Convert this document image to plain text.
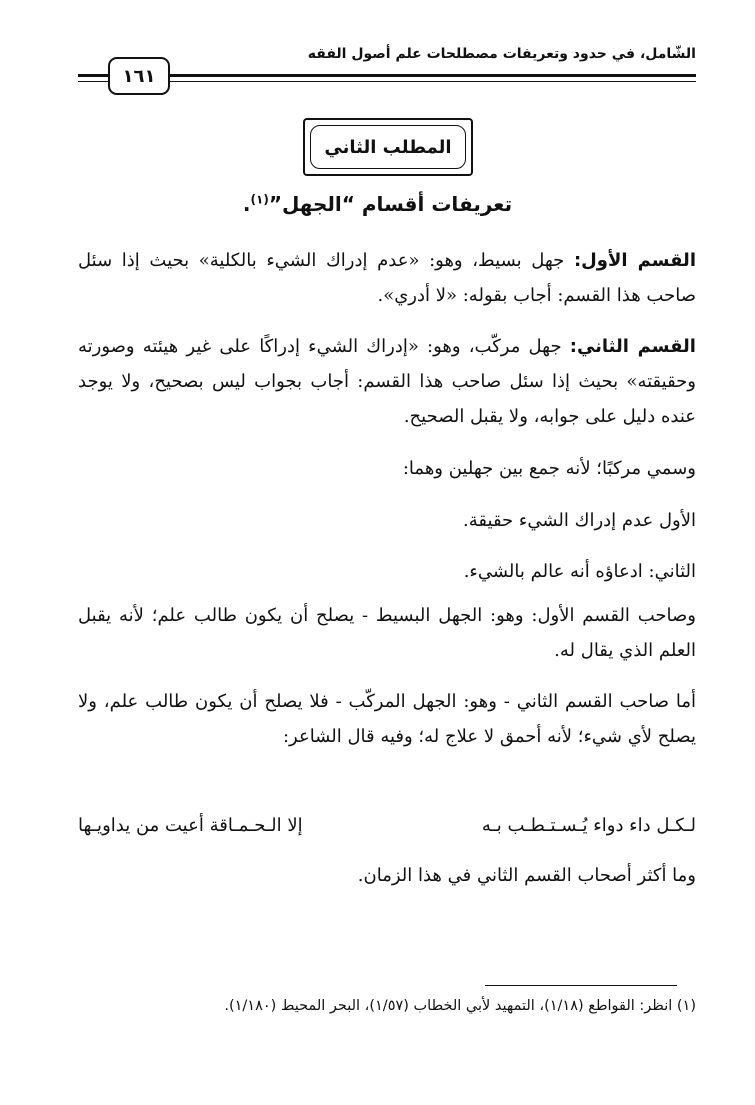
الشّامل، في حدود وتعريفات مصطلحات علم أصول الفقه
١٦١
المطلب الثاني
تعريفات أقسام “الجهل”$^{(١)}$.
القسم الأول: جهل بسيط، وهو: «عدم إدراك الشيء بالكلية» بحيث إذا سئل صاحب هذا القسم: أجاب بقوله: «لا أدري».
القسم الثاني: جهل مركّب، وهو: «إدراك الشيء إدراكًا على غير هيئته وصورته وحقيقته» بحيث إذا سئل صاحب هذا القسم: أجاب بجواب ليس بصحيح، ولا يوجد عنده دليل على جوابه، ولا يقبل الصحيح.
وسمي مركبًا؛ لأنه جمع بين جهلين وهما:
الأول عدم إدراك الشيء حقيقة.
الثاني: ادعاؤه أنه عالم بالشيء.
وصاحب القسم الأول: وهو: الجهل البسيط - يصلح أن يكون طالب علم؛ لأنه يقبل العلم الذي يقال له.
أما صاحب القسم الثاني - وهو: الجهل المركّب - فلا يصلح أن يكون طالب علم، ولا يصلح لأي شيء؛ لأنه أحمق لا علاج له؛ وفيه قال الشاعر:
لـكـل داء دواء يُـسـتـطـب بـه
إلا الـحـمـاقة أعيت من يداويـها
وما أكثر أصحاب القسم الثاني في هذا الزمان.
(١) انظر: القواطع (١/١٨)، التمهيد لأبي الخطاب (١/٥٧)، البحر المحيط (١/١٨٠).
